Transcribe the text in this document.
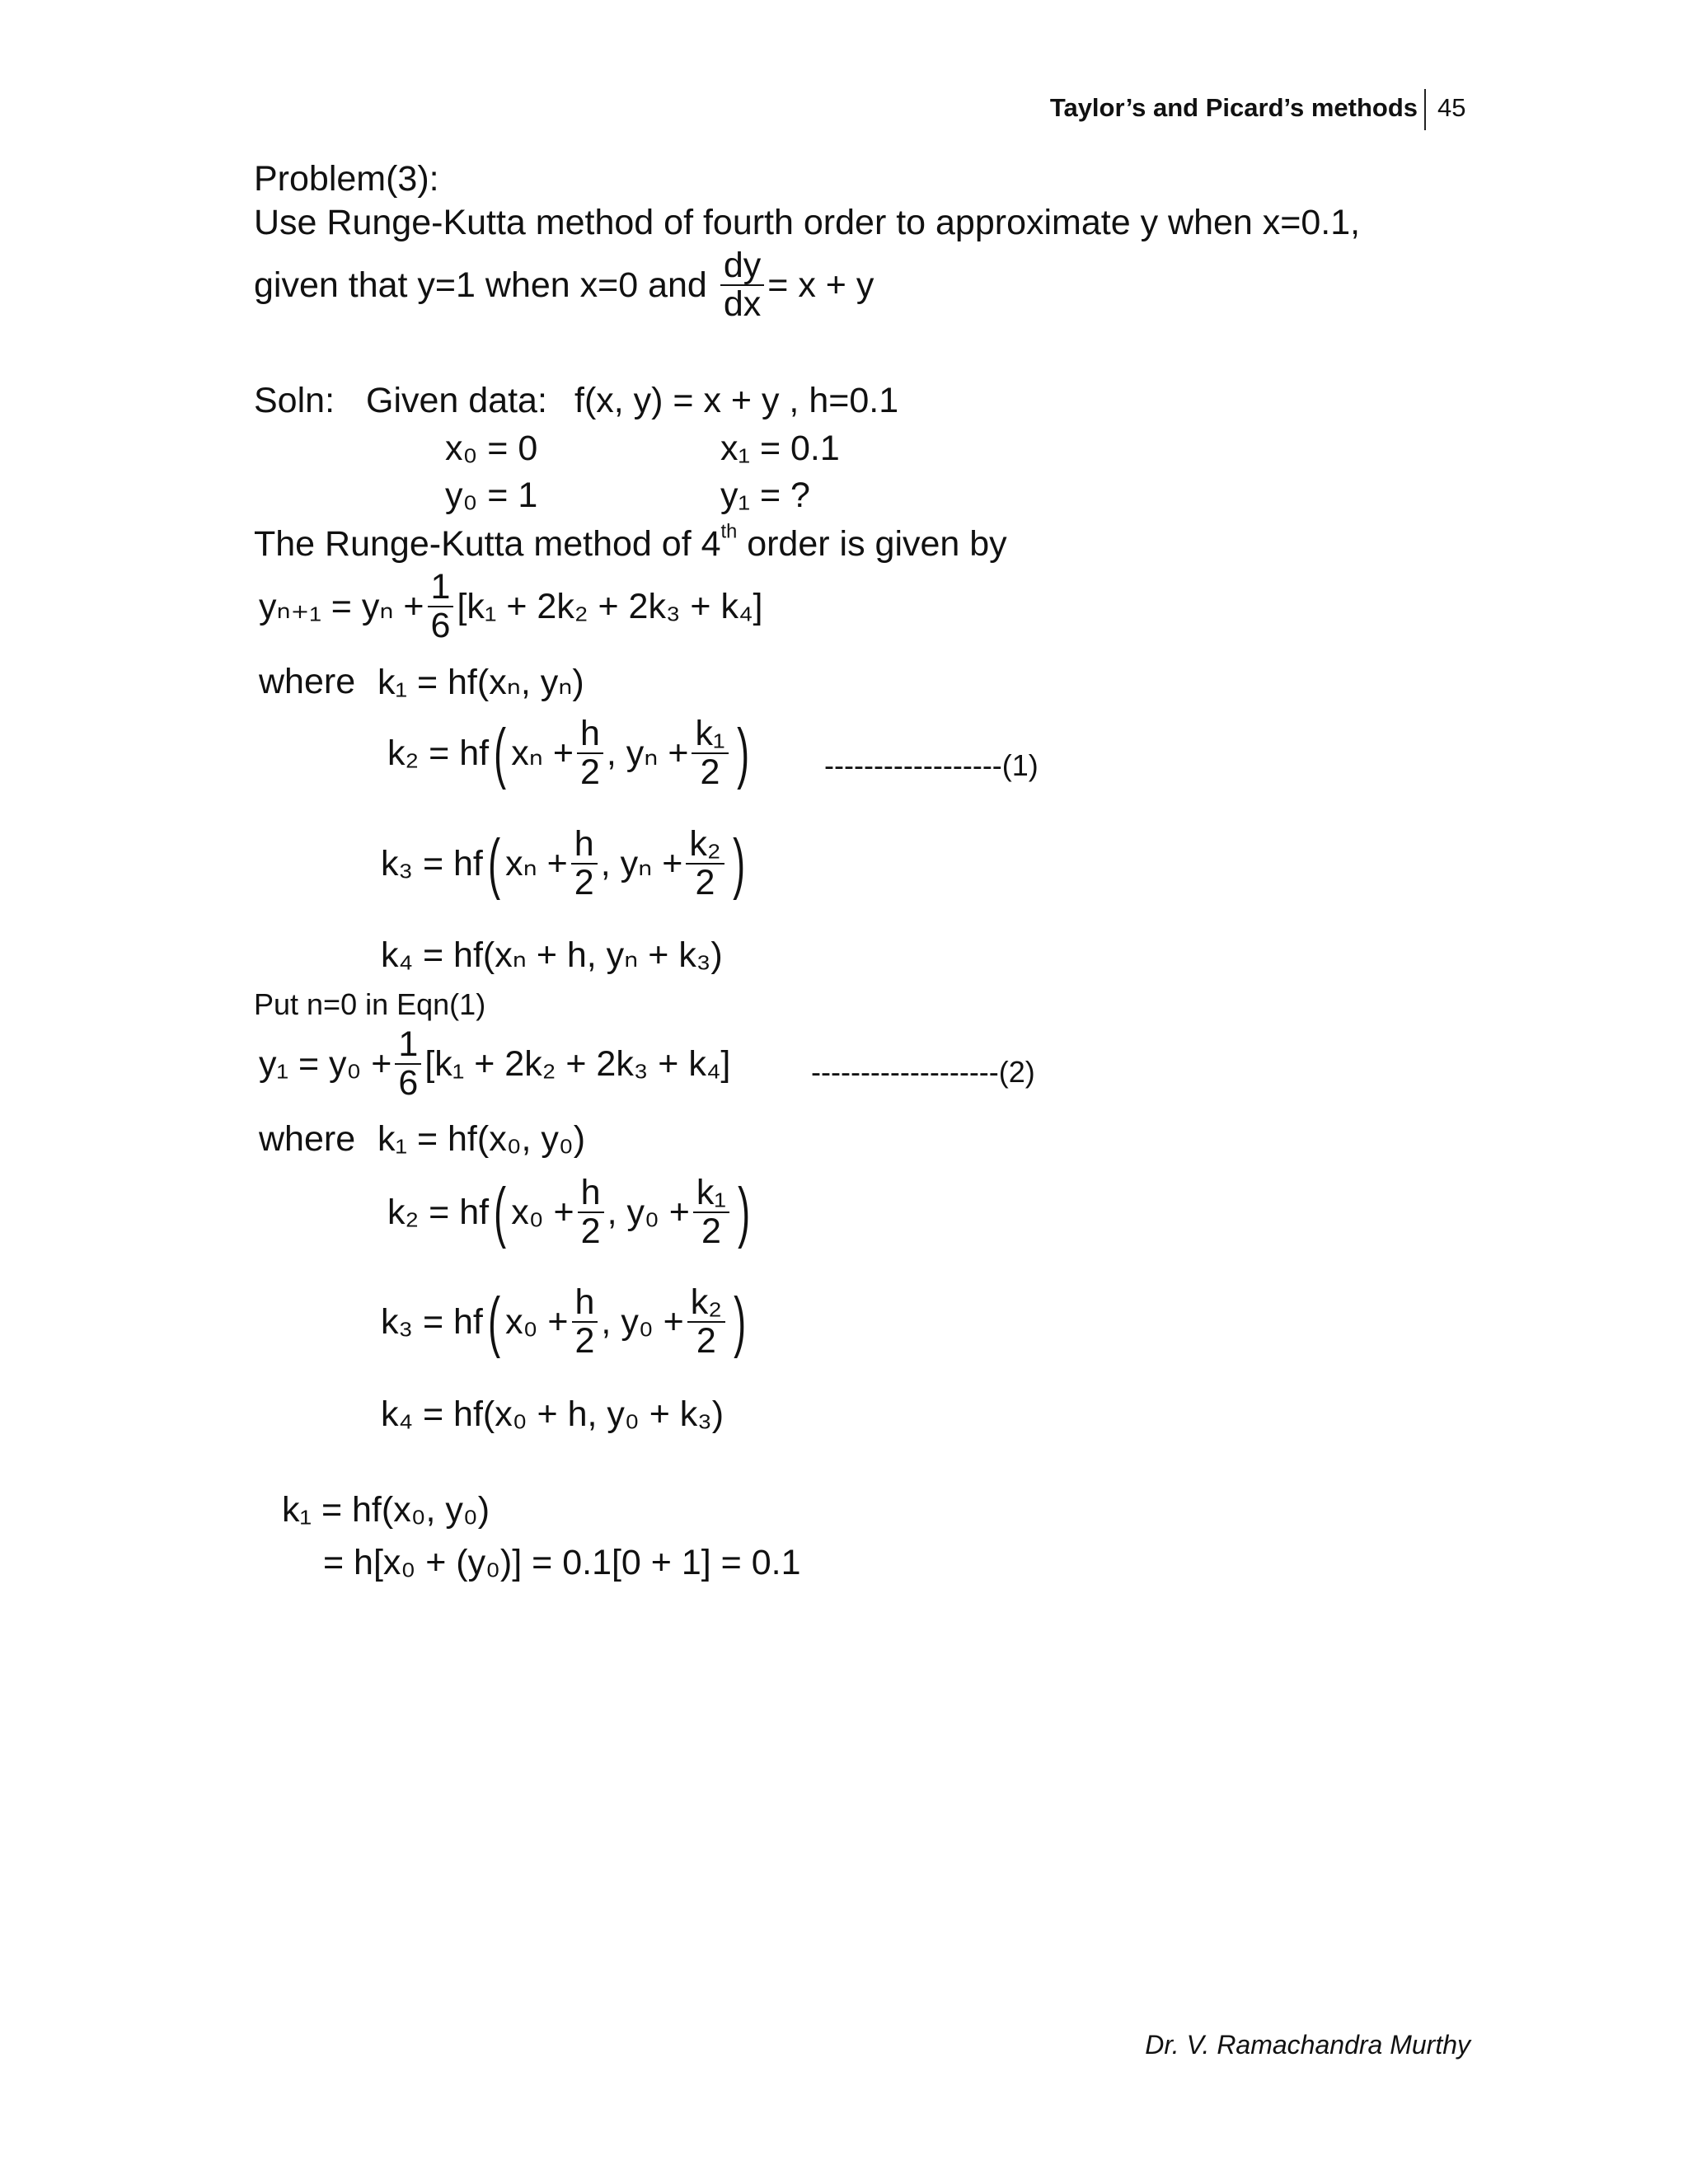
Taylor’s and Picard’s methods 45
Problem(3):
Use Runge-Kutta method of fourth order to approximate y when x=0.1,
given that y=1 when x=0 and $\frac{dy}{dx} = x + y$
Soln: Given data: f(x, y) = x + y , h=0.1
x₀ = 0	x₁ = 0.1
y₀ = 1	y₁ = ?
The Runge-Kutta method of 4th order is given by
$y_{n+1} = y_n + \frac{1}{6} [k_1 + 2k_2 + 2k_3 + k_4]$
where k₁ = hf(xₙ, yₙ)
k₂ = hf ( $x_n + \frac{h}{2}$ , $y_n + \frac{\text{k₁}}{2}$ )	------------------(1)
k₃ = hf ( $x_n + \frac{h}{2}$ , $y_n + \frac{\text{k₂}}{2}$ )
k₄ = hf(xₙ + h, yₙ + k₃)
Put n=0 in Eqn(1)
$y_1 = y_0 + \frac{1}{6} [k_1 + 2k_2 + 2k_3 + k_4]$	-------------------(2)
where k₁ = hf(x₀, y₀)
k₂ = hf ( $x_0 + \frac{h}{2}$ , $y_0 + \frac{\text{k₁}}{2}$ )
k₃ = hf ( $x_0 + \frac{h}{2}$ , $y_0 + \frac{\text{k₂}}{2}$ )
k₄ = hf(x₀ + h, y₀ + k₃)
k₁ = hf(x₀, y₀)
= h[x₀ + (y₀)] = 0.1[0 + 1] = 0.1
Dr. V. Ramachandra Murthy
